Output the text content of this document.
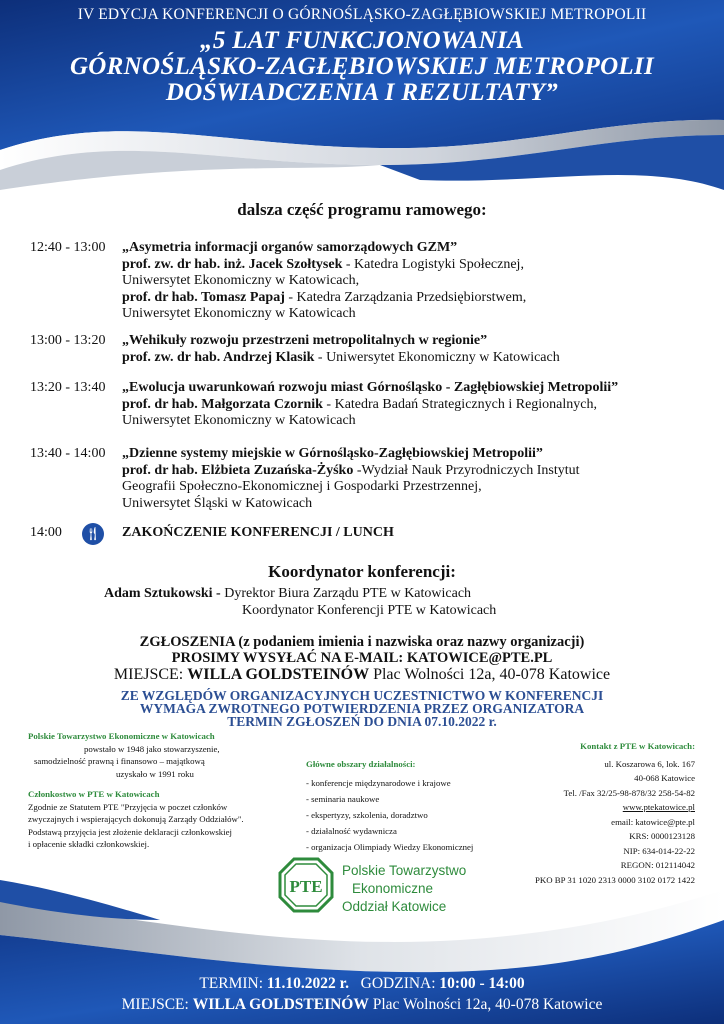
IV EDYCJA KONFERENCJI O GÓRNOŚLĄSKO-ZAGŁĘBIOWSKIEJ METROPOLII
„5 LAT FUNKCJONOWANIA
GÓRNOŚLĄSKO-ZAGŁĘBIOWSKIEJ METROPOLII
DOŚWIADCZENIA I REZULTATY”
dalsza część programu ramowego:
12:40 - 13:00	„Asymetria informacji organów samorządowych GZM”
prof. zw. dr hab. inż. Jacek Szołtysek - Katedra Logistyki Społecznej,
Uniwersytet Ekonomiczny w Katowicach,
prof. dr hab. Tomasz Papaj - Katedra Zarządzania Przedsiębiorstwem,
Uniwersytet Ekonomiczny w Katowicach
13:00 - 13:20	„Wehikuły rozwoju przestrzeni metropolitalnych w regionie”
prof. zw. dr hab. Andrzej Klasik - Uniwersytet Ekonomiczny w Katowicach
13:20 - 13:40	„Ewolucja uwarunkowań rozwoju miast Górnośląsko - Zagłębiowskiej Metropolii”
prof. dr hab. Małgorzata Czornik - Katedra Badań Strategicznych i Regionalnych,
Uniwersytet Ekonomiczny w Katowicach
13:40 - 14:00	„Dzienne systemy miejskie w Górnośląsko-Zagłębiowskiej Metropolii”
prof. dr hab. Elżbieta Zuzańska-Żyśko -Wydział Nauk Przyrodniczych Instytut
Geografii Społeczno-Ekonomicznej i Gospodarki Przestrzennej,
Uniwersytet Śląski w Katowicach
14:00 🍴︎ ZAKOŃCZENIE KONFERENCJI / LUNCH
Koordynator konferencji:
Adam Sztukowski - Dyrektor Biura Zarządu PTE w Katowicach
Koordynator Konferencji PTE w Katowicach
ZGŁOSZENIA (z podaniem imienia i nazwiska oraz nazwy organizacji)
PROSIMY WYSYŁAĆ NA E-MAIL: KATOWICE@PTE.PL
MIEJSCE: WILLA GOLDSTEINÓW Plac Wolności 12a, 40-078 Katowice
ZE WZGLĘDÓW ORGANIZACYJNYCH UCZESTNICTWO W KONFERENCJI
WYMAGA ZWROTNEGO POTWIERDZENIA PRZEZ ORGANIZATORA
TERMIN ZGŁOSZEŃ DO DNIA 07.10.2022 r.
Polskie Towarzystwo Ekonomiczne w Katowicach
powstało w 1948 jako stowarzyszenie,
samodzielność prawną i finansowo – majątkową
uzyskało w 1991 roku
Członkostwo w PTE w Katowicach
Zgodnie ze Statutem PTE "Przyjęcia w poczet członków
zwyczajnych i wspierających dokonują Zarządy Oddziałów".
Podstawą przyjęcia jest złożenie deklaracji członkowskiej
i opłacenie składki członkowskiej.
Główne obszary działalności:
- konferencje międzynarodowe i krajowe
- seminaria naukowe
- ekspertyzy, szkolenia, doradztwo
- działalność wydawnicza
- organizacja Olimpiady Wiedzy Ekonomicznej
Kontakt z PTE w Katowicach:
ul. Koszarowa 6, lok. 167
40-068 Katowice
Tel. /Fax 32/25-98-878/32 258-54-82
www.ptekatowice.pl
email: katowice@pte.pl
KRS: 0000123128
NIP: 634-014-22-22
REGON: 012114042
PKO BP 31 1020 2313 0000 3102 0172 1422
PTE
Polskie Towarzystwo
Ekonomiczne
Oddział Katowice
TERMIN: 11.10.2022 r.   GODZINA: 10:00 - 14:00
MIEJSCE: WILLA GOLDSTEINÓW Plac Wolności 12a, 40-078 Katowice
